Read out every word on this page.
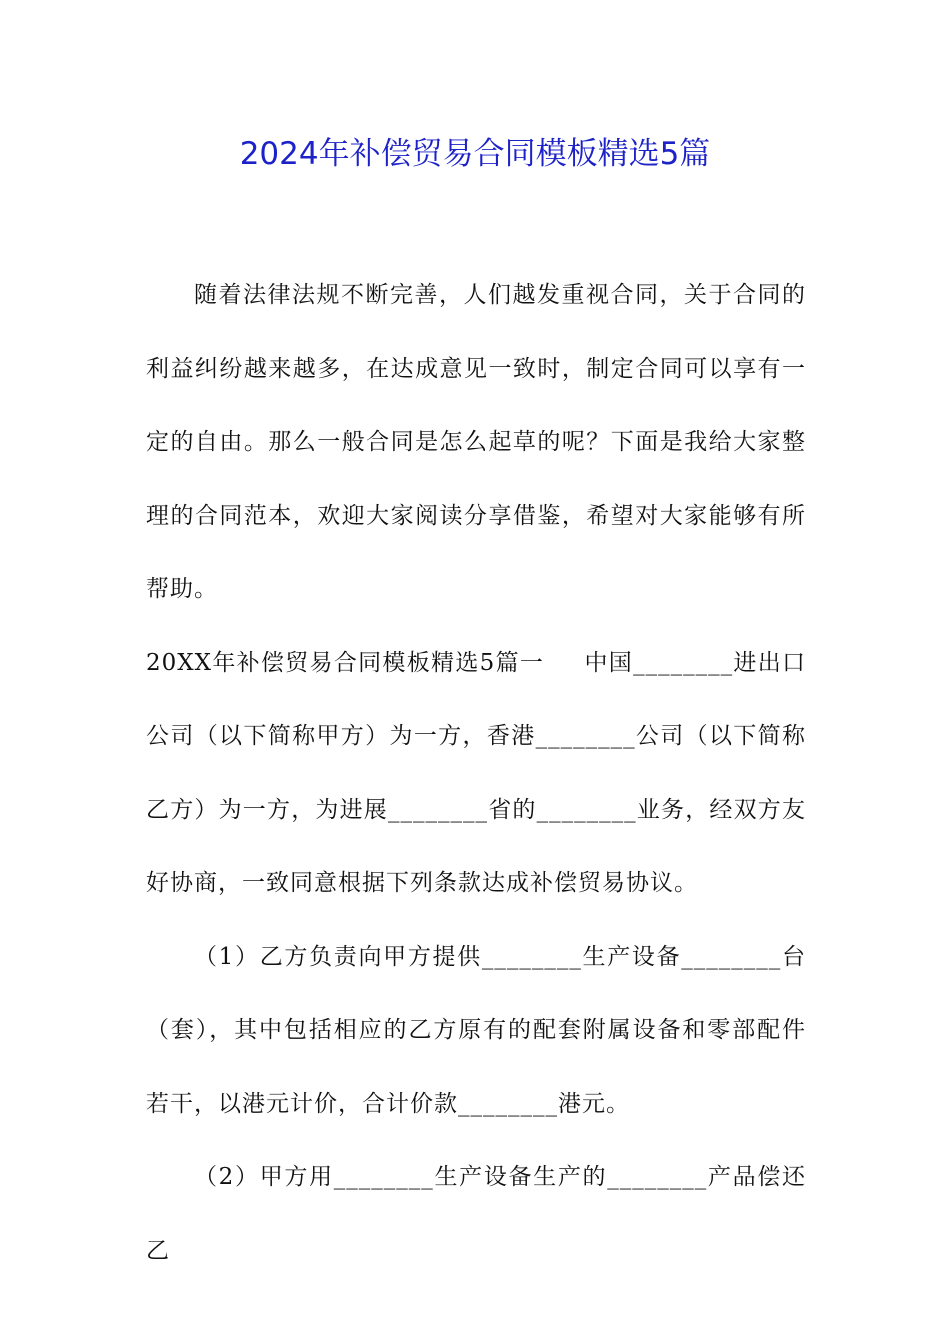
2024年补偿贸易合同模板精选5篇

随着法律法规不断完善，人们越发重视合同，关于合同的利益纠纷越来越多，在达成意见一致时，制定合同可以享有一定的自由。那么一般合同是怎么起草的呢？下面是我给大家整理的合同范本，欢迎大家阅读分享借鉴，希望对大家能够有所帮助。

20XX年补偿贸易合同模板精选5篇一 中国________进出口公司（以下简称甲方）为一方，香港________公司（以下简称乙方）为一方，为进展________省的________业务，经双方友好协商，一致同意根据下列条款达成补偿贸易协议。

（1）乙方负责向甲方提供________生产设备________台（套），其中包括相应的乙方原有的配套附属设备和零部配件若干，以港元计价，合计价款________港元。

（2）甲方用________生产设备生产的________产品偿还乙
